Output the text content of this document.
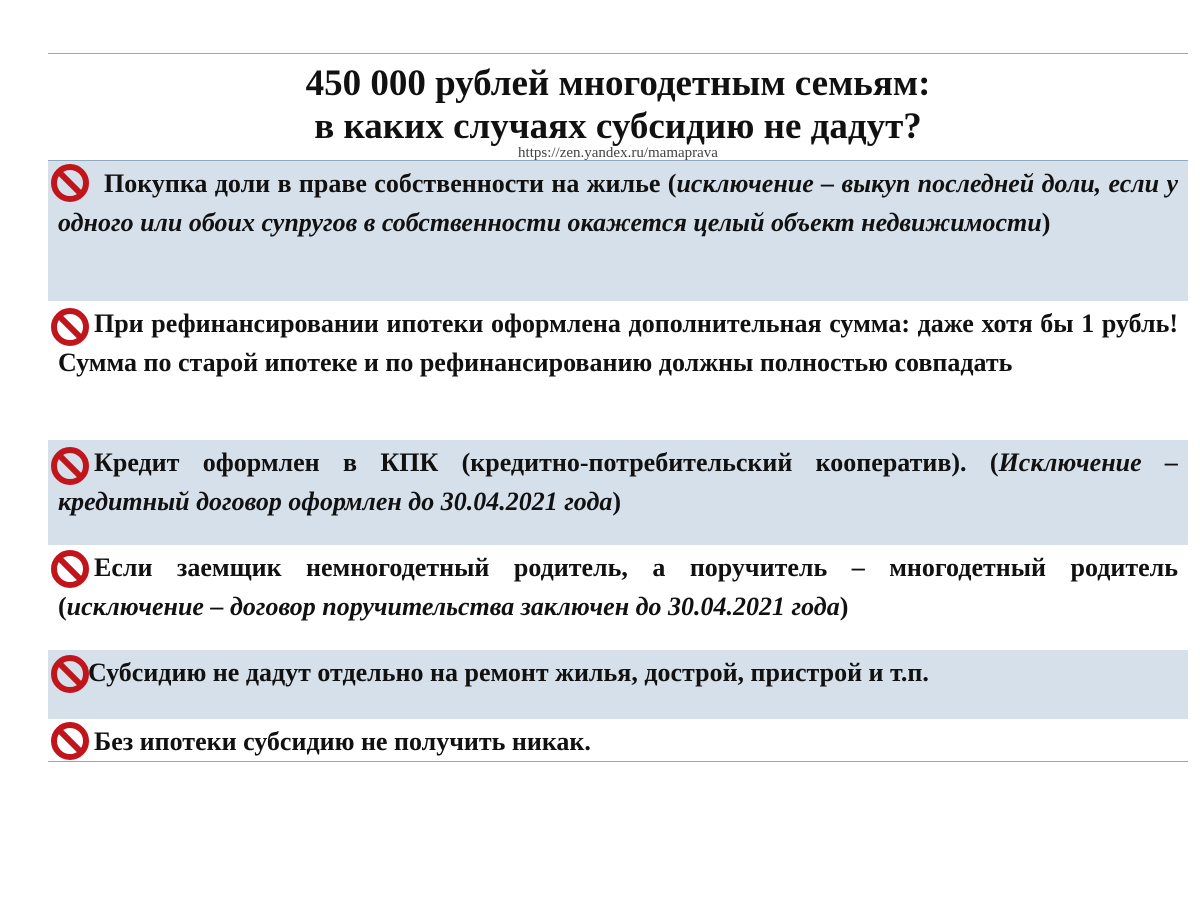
450 000 рублей многодетным семьям:
в каких случаях субсидию не дадут?
https://zen.yandex.ru/mamaprava
Покупка доли в праве собственности на жилье (исключение – выкуп последней доли, если у одного или обоих супругов в собственности окажется целый объект недвижимости)
При рефинансировании ипотеки оформлена дополнительная сумма: даже хотя бы 1 рубль! Сумма по старой ипотеке и по рефинансированию должны полностью совпадать
Кредит оформлен в КПК (кредитно-потребительский кооператив). (Исключение – кредитный договор оформлен до 30.04.2021 года)
Если заемщик немногодетный родитель, а поручитель – многодетный родитель (исключение – договор поручительства заключен до 30.04.2021 года)
Субсидию не дадут отдельно на ремонт жилья, дострой, пристрой и т.п.
Без ипотеки субсидию не получить никак.
